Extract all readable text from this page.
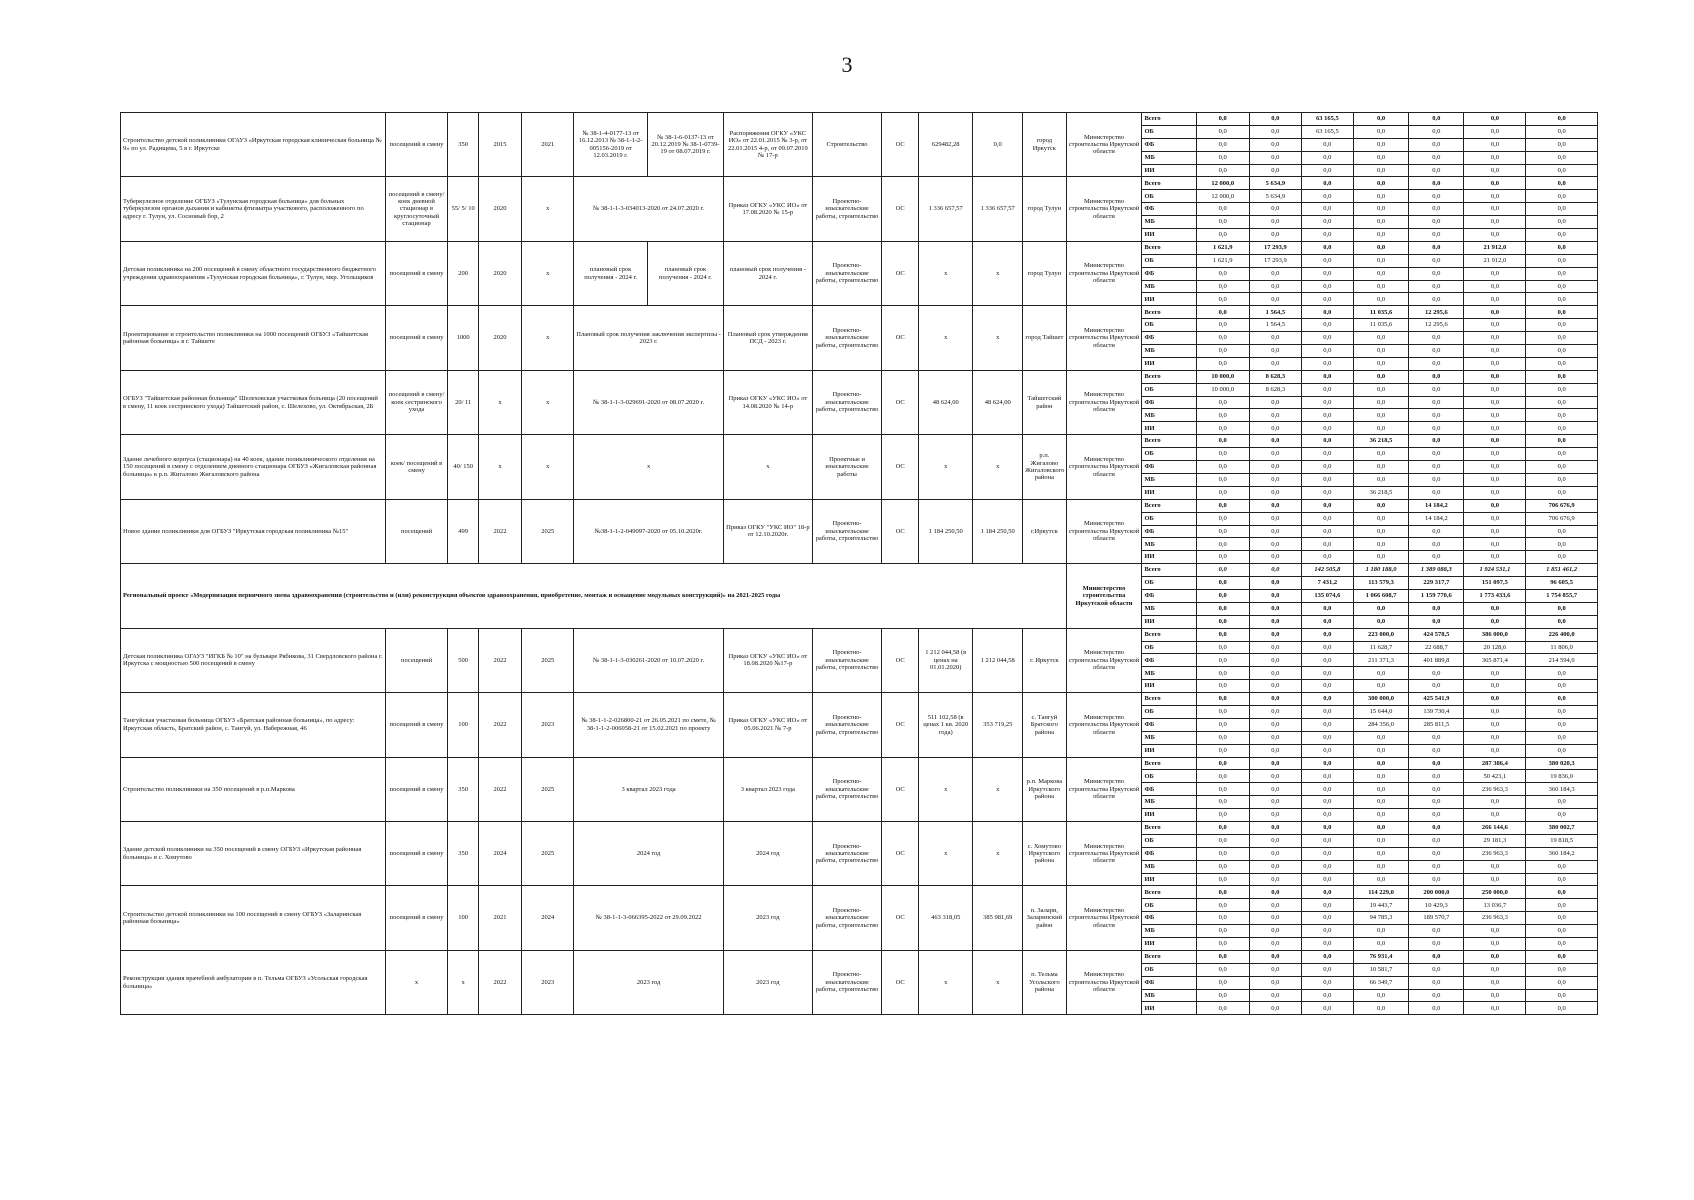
3
Строительство детской поликлиники ОГАУЗ «Иркутская городская клиническая больница № 9» по ул. Радищева, 5 в г. Иркутске	посещений в смену	350	2015	2021	№ 38-1-4-0177-13 от 16.12.2013 № 38-1-1-2-005156-2019 от 12.03.2019 г.	№ 38-1-6-0137-13 от 20.12.2019 № 38-1-0739-19 от 08.07.2019 г.	Распоряжения ОГКУ «УКС ИО» от 22.01.2015 № 3-р, от 22.01.2015 4-р, от 09.07.2019 № 17-р	Строительство	ОС	629482,28	0,0	город Иркутск	Министерство строительства Иркутской области	Всего	0,0	0,0	63 165,5	0,0	0,0	0,0	0,0
														ОБ	0,0	0,0	63 165,5	0,0	0,0	0,0	0,0
														ФБ	0,0	0,0	0,0	0,0	0,0	0,0	0,0
														МБ	0,0	0,0	0,0	0,0	0,0	0,0	0,0
														ИИ	0,0	0,0	0,0	0,0	0,0	0,0	0,0
Туберкулезное отделение ОГБУЗ «Тулунская городская больница» для больных туберкулезом органов дыхания и кабинеты фтизиатра участкового, расположенного по адресу г. Тулун, ул. Сосновый бор, 2	посещений в смену/коек дневной стационар в круглосуточный стационар	55/ 5/ 10	2020	х	№ 38-1-1-3-034013-2020 от 24.07.2020 г.		Приказ ОГКУ «УКС ИО» от 17.08.2020 № 15-р	Проектно-изыскательские работы, строительство	ОС	1 336 657,57	1 336 657,57	город Тулун	Министерство строительства Иркутской области	Всего	12 000,0	5 634,9	0,0	0,0	0,0	0,0	0,0
														ОБ	12 000,0	5 634,9	0,0	0,0	0,0	0,0	0,0
														ФБ	0,0	0,0	0,0	0,0	0,0	0,0	0,0
														МБ	0,0	0,0	0,0	0,0	0,0	0,0	0,0
														ИИ	0,0	0,0	0,0	0,0	0,0	0,0	0,0
Детская поликлиника на 200 посещений в смену областного государственного бюджетного учреждения здравоохранения «Тулунская городская больница», г. Тулун, мкр. Угольщиков	посещений в смену	200	2020	х	плановый срок получения - 2024 г.	плановый срок получения - 2024 г.	плановый срок получения - 2024 г.	Проектно-изыскательские работы, строительство	ОС	х	х	город Тулун	Министерство строительства Иркутской области	Всего	1 621,9	17 293,9	0,0	0,0	0,0	21 912,0	0,0
														ОБ	1 621,9	17 293,9	0,0	0,0	0,0	21 912,0	0,0
														ФБ	0,0	0,0	0,0	0,0	0,0	0,0	0,0
														МБ	0,0	0,0	0,0	0,0	0,0	0,0	0,0
														ИИ	0,0	0,0	0,0	0,0	0,0	0,0	0,0
Проектирование и строительство поликлиники на 1000 посещений ОГБУЗ «Тайшетская районная больница» в г. Тайшете	посещений в смену	1000	2020	х	Плановый срок получения заключения экспертизы - 2023 г.		Плановый срок утверждения ПСД - 2023 г.	Проектно-изыскательские работы, строительство	ОС	х	х	город Тайшет	Министерство строительства Иркутской области	Всего	0,0	1 564,5	0,0	11 035,6	12 295,6	0,0	0,0
														ОБ	0,0	1 564,5	0,0	11 035,6	12 295,6	0,0	0,0
														ФБ	0,0	0,0	0,0	0,0	0,0	0,0	0,0
														МБ	0,0	0,0	0,0	0,0	0,0	0,0	0,0
														ИИ	0,0	0,0	0,0	0,0	0,0	0,0	0,0
ОГБУЗ "Тайшетская районная больница" Шелеховская участковая больница (20 посещений в смену, 11 коек сестринского ухода) Тайшетский район, с. Шелехово, ул. Октябрьская, 2Б	посещений в смену/коек сестринского ухода	20/ 11	х	х	№ 38-1-1-3-029691-2020 от 08.07.2020 г.		Приказ ОГКУ «УКС ИО» от 14.08.2020 № 14-р	Проектно-изыскательские работы, строительство	ОС	48 624,00	48 624,00	Тайшетский район	Министерство строительства Иркутской области	Всего	10 000,0	8 628,3	0,0	0,0	0,0	0,0	0,0
														ОБ	10 000,0	8 628,3	0,0	0,0	0,0	0,0	0,0
														ФБ	0,0	0,0	0,0	0,0	0,0	0,0	0,0
														МБ	0,0	0,0	0,0	0,0	0,0	0,0	0,0
														ИИ	0,0	0,0	0,0	0,0	0,0	0,0	0,0
Здание лечебного корпуса (стационара) на 40 коек, здание поликлинического отделения на 150 посещений в смену с отделением дневного стационара ОГБУЗ «Жигаловская районная больница» в р.п. Жигалово Жигаловского района	коек/ посещений в смену	40/ 150	х	х	х		х	Проектные и изыскательские работы	ОС	х	х	р.п. Жигалово Жигаловского района	Министерство строительства Иркутской области	Всего	0,0	0,0	0,0	36 218,5	0,0	0,0	0,0
														ОБ	0,0	0,0	0,0	0,0	0,0	0,0	0,0
														ФБ	0,0	0,0	0,0	0,0	0,0	0,0	0,0
														МБ	0,0	0,0	0,0	0,0	0,0	0,0	0,0
														ИИ	0,0	0,0	0,0	36 218,5	0,0	0,0	0,0
Новое здание поликлиники для ОГБУЗ "Иркутская городская поликлиника №15"	посещений	499	2022	2025	№38-1-1-2-049097-2020 от 05.10.2020г.		Приказ ОГКУ "УКС ИО" 18-р от 12.10.2020г.	Проектно-изыскательские работы, строительство	ОС	1 184 250,50	1 184 250,50	г.Иркутск	Министерство строительства Иркутской области	Всего	0,0	0,0	0,0	0,0	14 184,2	0,0	706 676,9
														ОБ	0,0	0,0	0,0	0,0	14 184,2	0,0	706 676,9
														ФБ	0,0	0,0	0,0	0,0	0,0	0,0	0,0
														МБ	0,0	0,0	0,0	0,0	0,0	0,0	0,0
														ИИ	0,0	0,0	0,0	0,0	0,0	0,0	0,0
Региональный проект «Модернизация первичного звена здравоохранения (строительство и (или) реконструкция объектов здравоохранения, приобретение, монтаж и оснащение модульных конструкций)» на 2021-2025 годы													Министерство строительства Иркутской области	Всего	0,0	0,0	142 505,8	1 180 188,0	1 389 088,3	1 924 531,1	1 851 461,2
														ОБ	0,0	0,0	7 431,2	113 579,3	229 317,7	151 097,5	96 605,5
														ФБ	0,0	0,0	135 074,6	1 066 608,7	1 159 770,6	1 773 433,6	1 754 855,7
														МБ	0,0	0,0	0,0	0,0	0,0	0,0	0,0
														ИИ	0,0	0,0	0,0	0,0	0,0	0,0	0,0
Детская поликлиника ОГАУЗ "ИГКБ № 10" на бульваре Рябикова, 31 Свердловского района г. Иркутска с мощностью 500 посещений в смену	посещений	500	2022	2025	№ 38-1-1-3-030261-2020 от 10.07.2020 г.		Приказ ОГКУ «УКС ИО» от 18.08.2020 №17-р	Проектно-изыскательские работы, строительство	ОС	1 212 044,58 (в ценах на 01.01.2020)	1 212 044,58	г. Иркутск	Министерство строительства Иркутской области	Всего	0,0	0,0	0,0	223 000,0	424 578,5	386 000,0	226 400,0
														ОБ	0,0	0,0	0,0	11 628,7	22 688,7	20 128,6	11 806,0
														ФБ	0,0	0,0	0,0	211 371,3	401 889,8	365 871,4	214 594,0
														МБ	0,0	0,0	0,0	0,0	0,0	0,0	0,0
														ИИ	0,0	0,0	0,0	0,0	0,0	0,0	0,0
Тангуйская участковая больница ОГБУЗ «Братская районная больница», по адресу: Иркутская область, Братский район, с. Тангуй, ул. Набережная, 46	посещений в смену	100	2022	2023	№ 38-1-1-2-026800-21 от 26.05.2021 по смете, № 38-1-1-2-006058-21 от 15.02.2021 по проекту		Приказ ОГКУ «УКС ИО» от 05.06.2021 № 7-р	Проектно-изыскательские работы, строительство	ОС	511 102,58 (в ценах 1 кв. 2020 года)	353 719,25	с. Тангуй Братского района	Министерство строительства Иркутской области	Всего	0,0	0,0	0,0	300 000,0	425 541,9	0,0	0,0
														ОБ	0,0	0,0	0,0	15 644,0	139 730,4	0,0	0,0
														ФБ	0,0	0,0	0,0	284 356,0	285 811,5	0,0	0,0
														МБ	0,0	0,0	0,0	0,0	0,0	0,0	0,0
														ИИ	0,0	0,0	0,0	0,0	0,0	0,0	0,0
Строительство поликлиники на 350 посещений в р.п.Маркова	посещений в смену	350	2022	2025	3 квартал 2023 года		3 квартал 2023 года	Проектно-изыскательские работы, строительство	ОС	х	х	р.п. Маркова Иркутского района	Министерство строительства Иркутской области	Всего	0,0	0,0	0,0	0,0	0,0	287 386,4	380 020,3
														ОБ	0,0	0,0	0,0	0,0	0,0	50 423,1	19 836,0
														ФБ	0,0	0,0	0,0	0,0	0,0	236 963,3	360 184,3
														МБ	0,0	0,0	0,0	0,0	0,0	0,0	0,0
														ИИ	0,0	0,0	0,0	0,0	0,0	0,0	0,0
Здание детской поликлиники на 350 посещений в смену ОГБУЗ «Иркутская районная больница» в с. Хомутово	посещений в смену	350	2024	2025	2024 год		2024 год	Проектно-изыскательские работы, строительство	ОС	х	х	с. Хомутово Иркутского района	Министерство строительства Иркутской области	Всего	0,0	0,0	0,0	0,0	0,0	266 144,6	380 002,7
														ОБ	0,0	0,0	0,0	0,0	0,0	29 181,3	19 818,5
														ФБ	0,0	0,0	0,0	0,0	0,0	236 963,3	360 184,2
														МБ	0,0	0,0	0,0	0,0	0,0	0,0	0,0
														ИИ	0,0	0,0	0,0	0,0	0,0	0,0	0,0
Строительство детской поликлиники на 100 посещений в смену ОГБУЗ «Заларинская районная больница»	посещений в смену	100	2021	2024	№ 38-1-1-3-066395-2022 от 29.09.2022		2023 год	Проектно-изыскательские работы, строительство	ОС	463 318,05	385 981,69	п. Залари, Заларинский район	Министерство строительства Иркутской области	Всего	0,0	0,0	0,0	114 229,0	200 000,0	250 000,0	0,0
														ОБ	0,0	0,0	0,0	19 443,7	10 429,3	13 036,7	0,0
														ФБ	0,0	0,0	0,0	94 785,3	189 570,7	236 963,3	0,0
														МБ	0,0	0,0	0,0	0,0	0,0	0,0	0,0
														ИИ	0,0	0,0	0,0	0,0	0,0	0,0	0,0
Реконструкция здания врачебной амбулатории в п. Тельма ОГБУЗ «Усольская городская больница»	х	х	2022	2023	2023 год		2023 год	Проектно-изыскательские работы, строительство	ОС	х	х	п. Тельма Усольского района	Министерство строительства Иркутской области	Всего	0,0	0,0	0,0	76 931,4	0,0	0,0	0,0
														ОБ	0,0	0,0	0,0	10 581,7	0,0	0,0	0,0
														ФБ	0,0	0,0	0,0	66 349,7	0,0	0,0	0,0
														МБ	0,0	0,0	0,0	0,0	0,0	0,0	0,0
														ИИ	0,0	0,0	0,0	0,0	0,0	0,0	0,0
